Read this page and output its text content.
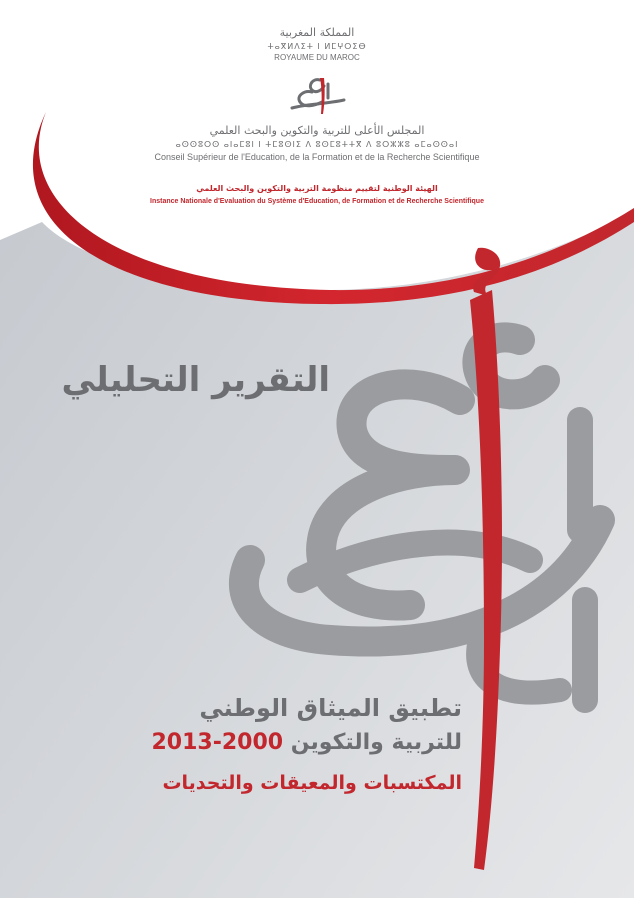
المملكة المغربية
ⵜⴰⴳⵍⴷⵉⵜ ⵏ ⵍⵎⵖⵔⵉⴱ
ROYAUME DU MAROC
المجلس الأعلى للتربية والتكوين والبحث العلمي
ⴰⵙⵙⵓⵔⵙ ⴰⵏⴰⵎⵓⵏ ⵏ ⵜⵎⵓⵙⵏⵉ ⴷ ⵓⵙⵎⵓⵜⵜⴳ ⴷ ⵓⵔⵣⵣⵓ ⴰⵎⴰⵙⵙⴰⵏ
Conseil Supérieur de l'Education, de la Formation et de la Recherche Scientifique
الهيئة الوطنية لتقييم منظومة التربية والتكوين والبحث العلمي
Instance Nationale d'Evaluation du Système d'Education, de Formation et de Recherche Scientifique
التقرير التحليلي
تطبيق الميثاق الوطني
للتربية والتكوين 2013-2000
المكتسبات والمعيقات والتحديات
